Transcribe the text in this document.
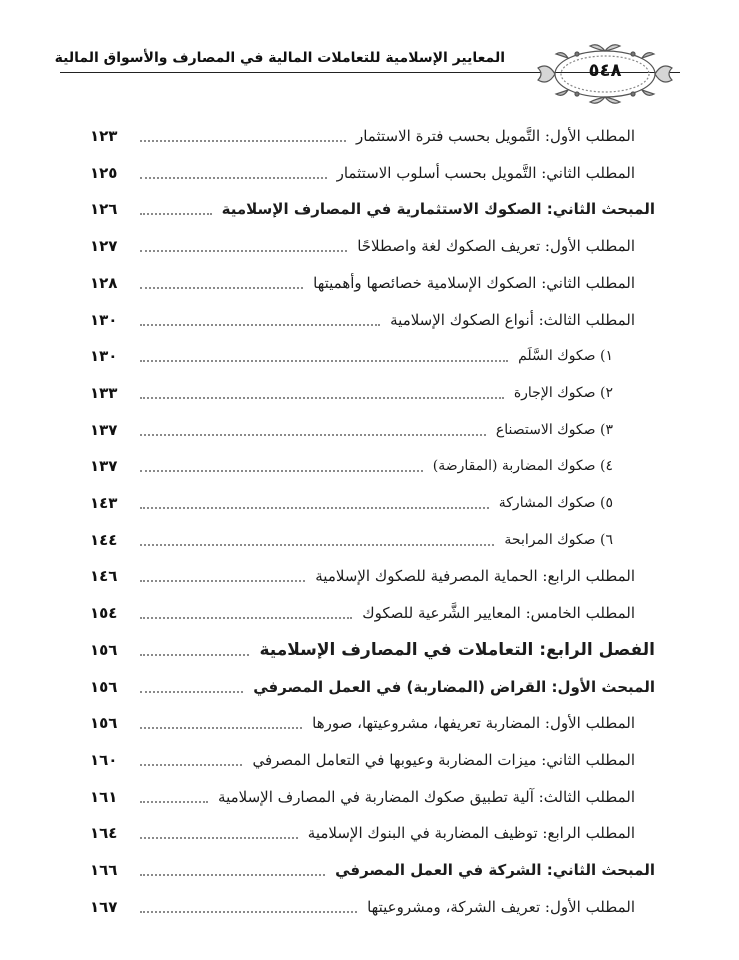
المعايير الإسلامية للتعاملات المالية في المصارف والأسواق المالية
٥٤٨
المطلب الأول: التَّمويل بحسب فترة الاستثمار
١٢٣
المطلب الثاني: التَّمويل بحسب أسلوب الاستثمار
١٢٥
المبحث الثاني: الصكوك الاستثمارية في المصارف الإسلامية
١٢٦
المطلب الأول: تعريف الصكوك لغة واصطلاحًا
١٢٧
المطلب الثاني: الصكوك الإسلامية خصائصها وأهميتها
١٢٨
المطلب الثالث: أنواع الصكوك الإسلامية
١٣٠
١) صكوك السَّلَم
١٣٠
٢) صكوك الإجارة
١٣٣
٣) صكوك الاستصناع
١٣٧
٤) صكوك المضاربة (المقارضة)
١٣٧
٥) صكوك المشاركة
١٤٣
٦) صكوك المرابحة
١٤٤
المطلب الرابع: الحماية المصرفية للصكوك الإسلامية
١٤٦
المطلب الخامس: المعايير الشَّرعية للصكوك
١٥٤
الفصل الرابع: التعاملات في المصارف الإسلامية
١٥٦
المبحث الأول: القراض (المضاربة) في العمل المصرفي
١٥٦
المطلب الأول: المضاربة تعريفها، مشروعيتها، صورها
١٥٦
المطلب الثاني: ميزات المضاربة وعيوبها في التعامل المصرفي
١٦٠
المطلب الثالث: آلية تطبيق صكوك المضاربة في المصارف الإسلامية
١٦١
المطلب الرابع: توظيف المضاربة في البنوك الإسلامية
١٦٤
المبحث الثاني: الشركة في العمل المصرفي
١٦٦
المطلب الأول: تعريف الشركة، ومشروعيتها
١٦٧
